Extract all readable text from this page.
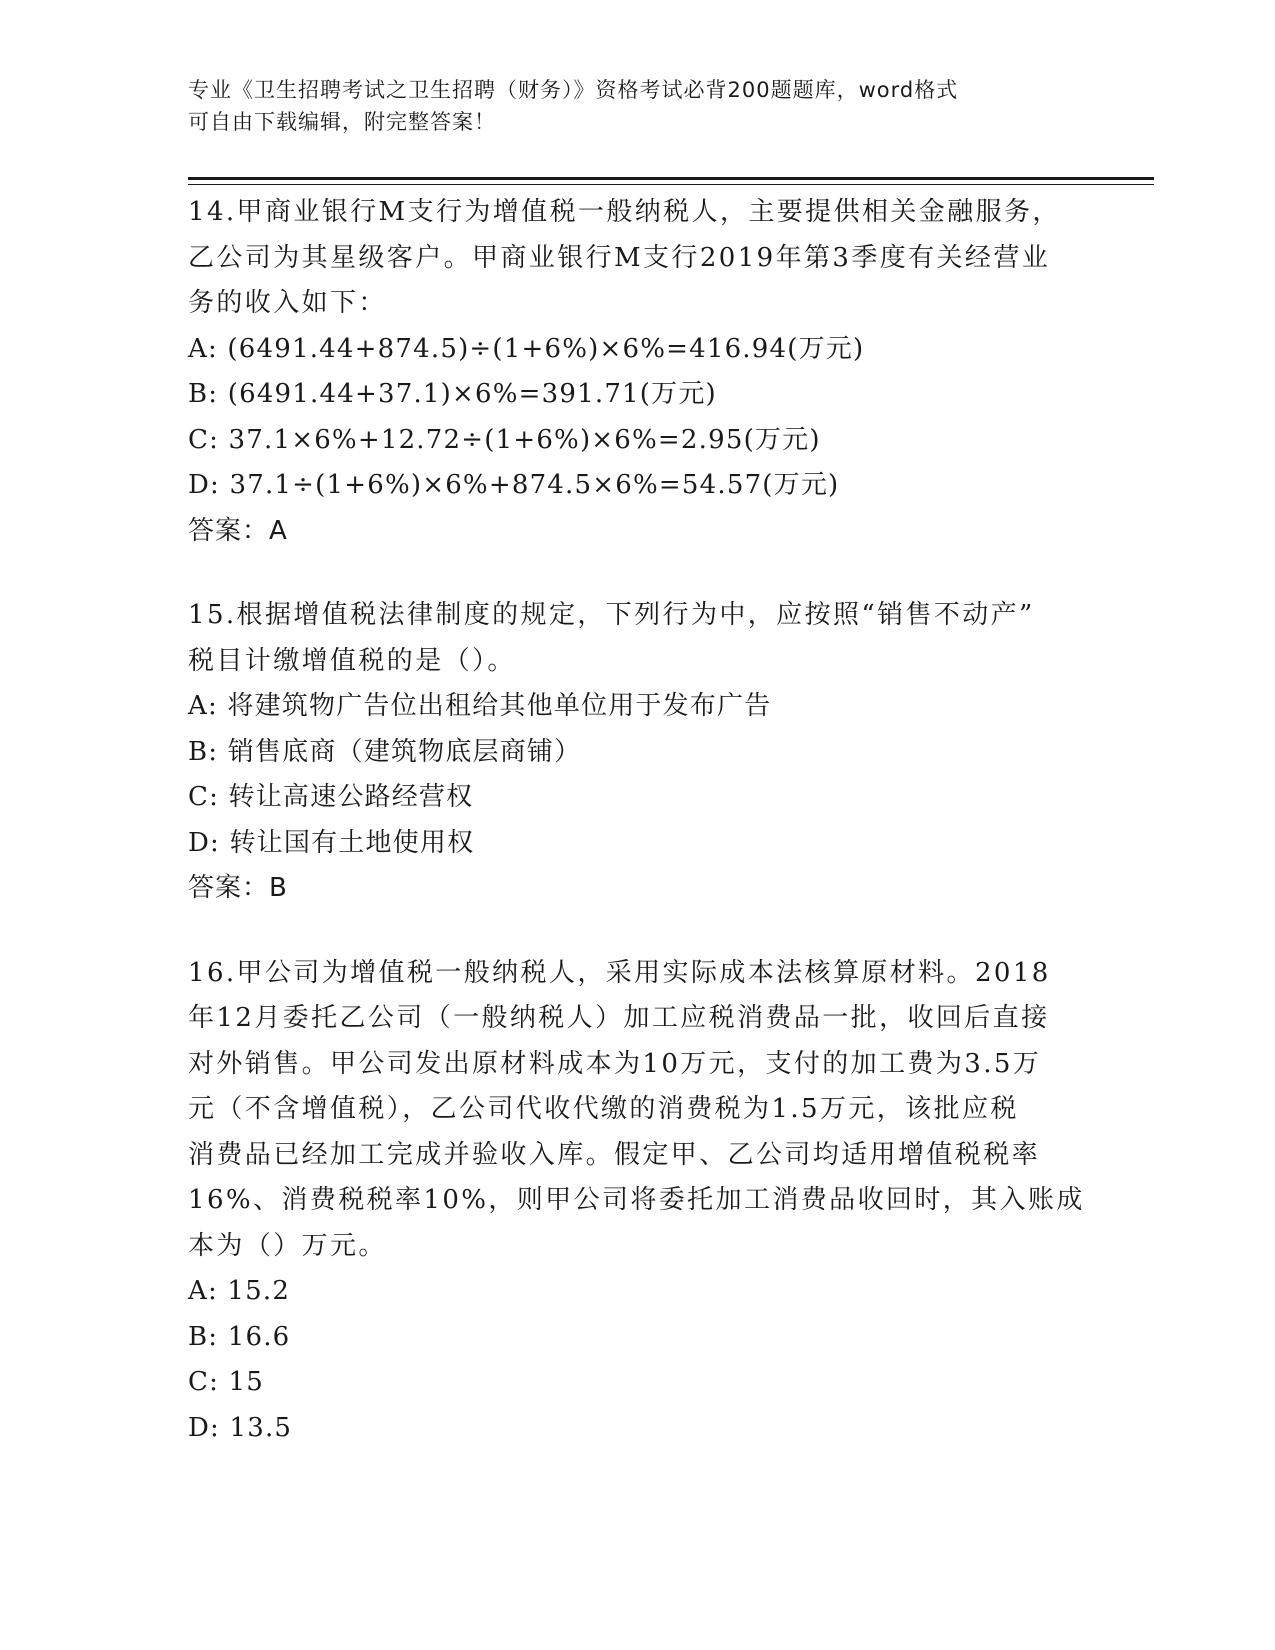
专业《卫生招聘考试之卫生招聘（财务）》资格考试必背200题题库，word格式

可自由下载编辑，附完整答案！

14.甲商业银行M支行为增值税一般纳税人，主要提供相关金融服务，
乙公司为其星级客户。甲商业银行M支行2019年第3季度有关经营业
务的收入如下：
A: (6491.44+874.5)÷(1+6%)×6%=416.94(万元)
B: (6491.44+37.1)×6%=391.71(万元)
C: 37.1×6%+12.72÷(1+6%)×6%=2.95(万元)
D: 37.1÷(1+6%)×6%+874.5×6%=54.57(万元)
答案：A
15.根据增值税法律制度的规定，下列行为中，应按照“销售不动产”
税目计缴增值税的是（）。
A: 将建筑物广告位出租给其他单位用于发布广告
B: 销售底商（建筑物底层商铺）
C: 转让高速公路经营权
D: 转让国有土地使用权
答案：B
16.甲公司为增值税一般纳税人，采用实际成本法核算原材料。2018
年12月委托乙公司（一般纳税人）加工应税消费品一批，收回后直接
对外销售。甲公司发出原材料成本为10万元，支付的加工费为3.5万
元（不含增值税），乙公司代收代缴的消费税为1.5万元，该批应税
消费品已经加工完成并验收入库。假定甲、乙公司均适用增值税税率
16%、消费税税率10%，则甲公司将委托加工消费品收回时，其入账成
本为（）万元。
A: 15.2
B: 16.6
C: 15
D: 13.5
